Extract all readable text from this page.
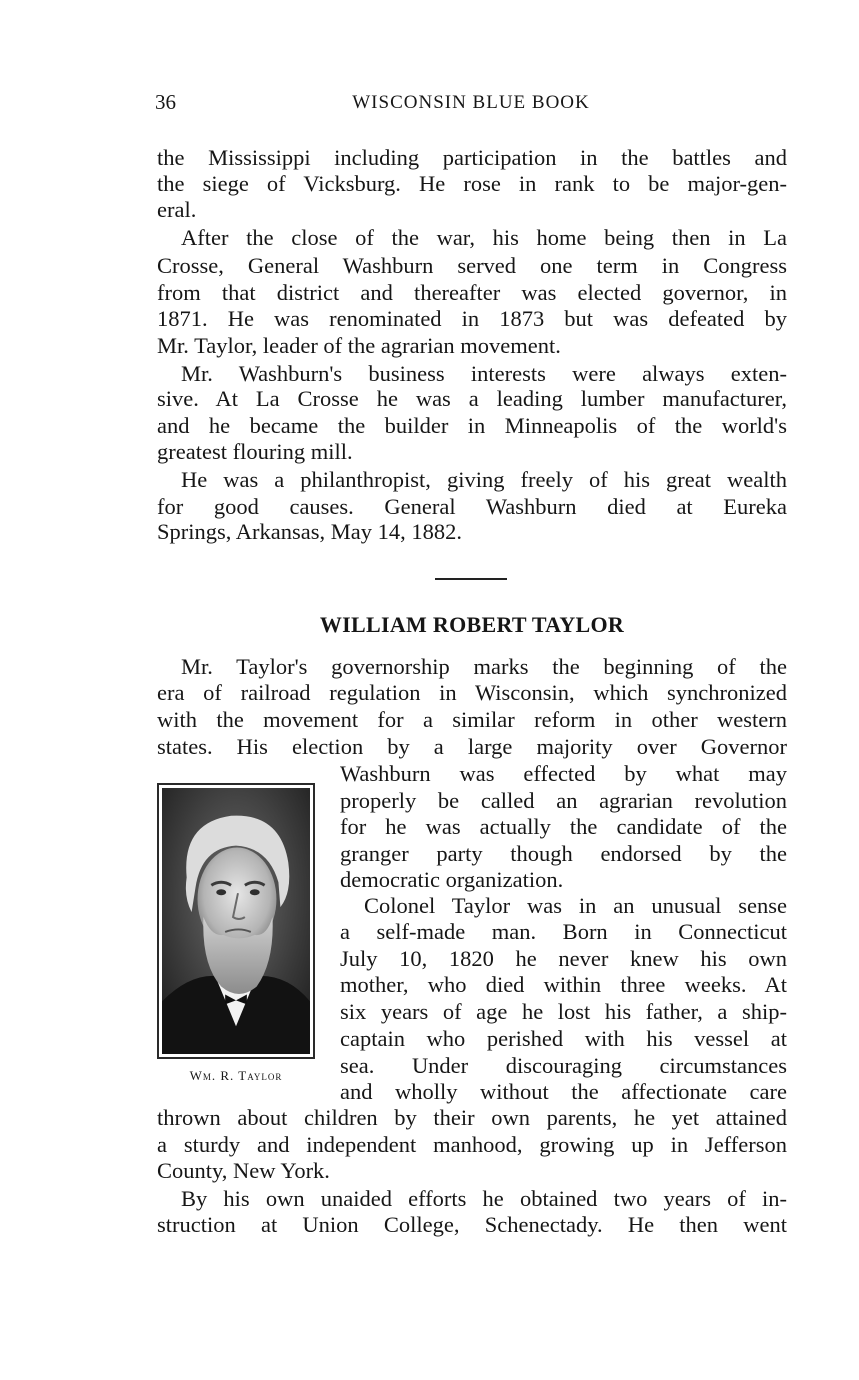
36	WISCONSIN BLUE BOOK
the Mississippi including participation in the battles and
the siege of Vicksburg. He rose in rank to be major-gen-
eral.
After the close of the war, his home being then in La
Crosse, General Washburn served one term in Congress
from that district and thereafter was elected governor, in
1871. He was renominated in 1873 but was defeated by
Mr. Taylor, leader of the agrarian movement.
Mr. Washburn's business interests were always exten-
sive. At La Crosse he was a leading lumber manufacturer,
and he became the builder in Minneapolis of the world's
greatest flouring mill.
He was a philanthropist, giving freely of his great wealth
for good causes. General Washburn died at Eureka
Springs, Arkansas, May 14, 1882.
WILLIAM ROBERT TAYLOR
Mr. Taylor's governorship marks the beginning of the
era of railroad regulation in Wisconsin, which synchronized
with the movement for a similar reform in other western
states. His election by a large majority over Governor
Washburn was effected by what may
properly be called an agrarian revolution
for he was actually the candidate of the
granger party though endorsed by the
democratic organization.
Colonel Taylor was in an unusual sense
a self-made man. Born in Connecticut
July 10, 1820 he never knew his own
mother, who died within three weeks. At
six years of age he lost his father, a ship-
captain who perished with his vessel at
sea. Under discouraging circumstances
and wholly without the affectionate care
thrown about children by their own parents, he yet attained
a sturdy and independent manhood, growing up in Jefferson
County, New York.
By his own unaided efforts he obtained two years of in-
struction at Union College, Schenectady. He then went
Wm. R. Taylor
